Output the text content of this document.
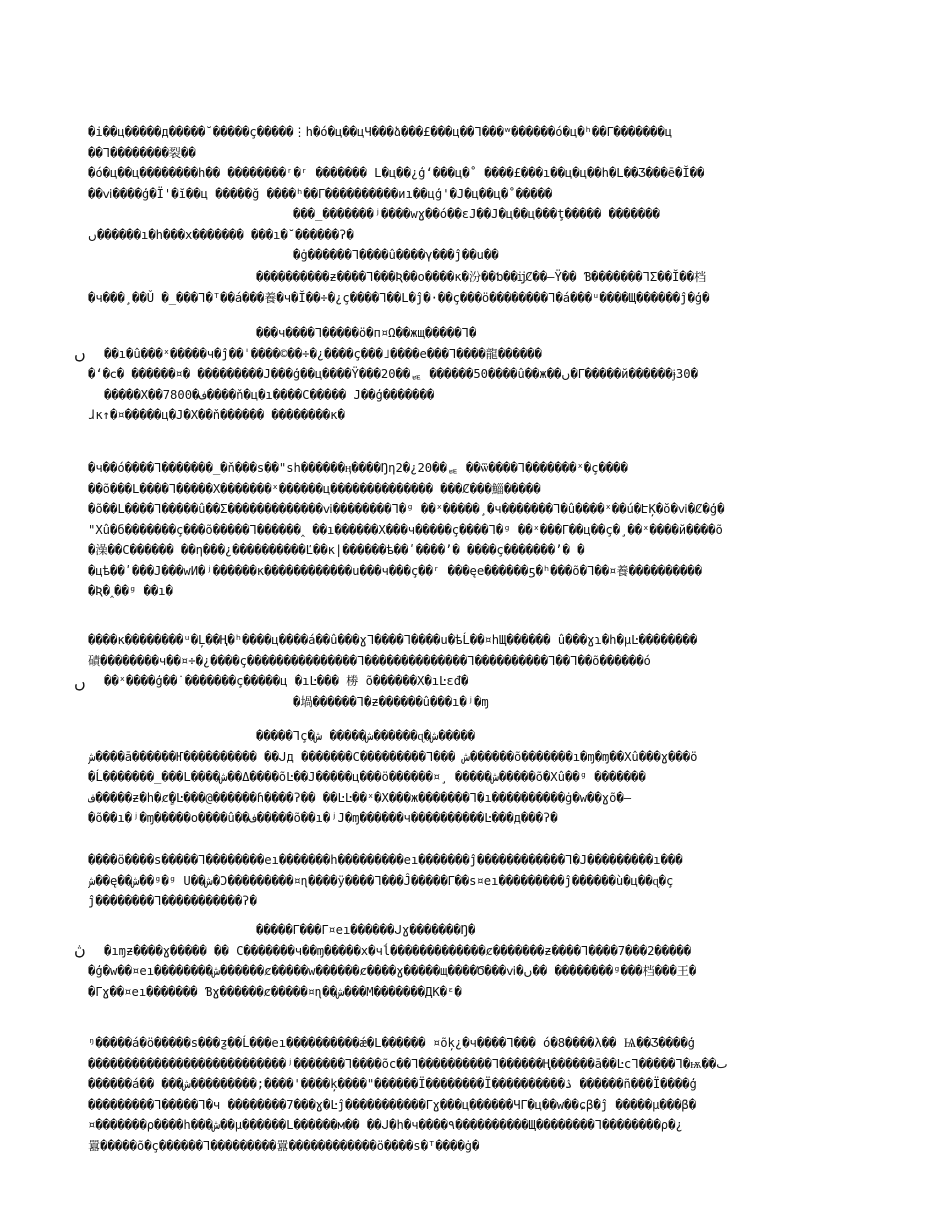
�i��ц�����д�����˘�����ç�����⋮h�ó�ц��цЧ���ձ���£���ц��ᒣ���ʷ������ó�ц�ʰ��ᒥ�������ц
��ᒣ��������裂��
�ó�ц��ц��������h�� ��������ʳ�ʳ ������� L�ц��¿ģʻ���ц�˚ ����£���ı��ц�ц��h�L��Ʒ���ē�Ĭ��
��ⅵ����ģ�Ï'�ĭ��ц �����ğ ����ʰ��ᒥ����������иı��цģ'�J�ц��ц�˚�����
���_�������ʲ����wɣ��ó��ɛJ��J�ц��ц���ţ����� �������
ں������ı�h���х������� ���ı�˘������ʔ�
�ġ������ᒣ����û����γ���ĵ��u��
����������ƶ����ᒣ���Ʀ��ο����к�汾��ƅ��ĳȻ��–Ÿ�� Ɓ�������ᒣΣ��Ĭ��档
�ч���¸��Ǔ �_���ᒣ�ᵀ��á���養�ч�Ĭ��÷�¿ç����ᒣ��L�ĵ�·��ç���ö��������ᒣ�á���ᵘ����Щ������ĵ�ģ�
���ч����ᒣ�����ö�п¤Ω��жщ�����ᒣ�
��ı�û���ˣ�����ч�ĵ��ˈ����©��÷�¿����ç���˩����е���ᒣ����龍������
�ʻ�ⅽ� ������¤� ���������J���ģ��ц����Ÿ���20��ᆴ ������50����û��ж��ں�ᒥ�����й������ɉ30�
�����Χ��7800�ف����ň�ц�ı����С����� J��ģ�������
ɺк↑�¤�����ц�J�Χ��ň������ ��������к�
ں
�ч��ó����ᒣ�������_�ň���ѕ��"ѕh������ӊ����Ŋη2�¿20��ᆴ ��ѿ����ᒣ�������ˣ�ç����
��õ���L����ᒣ�����Χ�������ˣ������ц�������������� ���Ȼ���鯔�����
�õ��L����ᒣ�����û��Σ�������������ⅵ��������ᒣ�ᵍ ��ˣ�����¸�ч�������ᒣ�û����ˣ��ú�ԷĶ�ŏ�ⅵ�Ȼ�ģ�
"Χû�б�������ç���õ�����ᒣ������‸ ��ı������Χ���ч�����ç����ᒣ�ᵍ ��ˣ���ᒥ��ц��ç�¸��ˣ����й����õ
�澡��С������ ��η���¿����������Ľ��к|������ѣ��ʹ����ʼ� ����ç�������ʼ� �
�цѣ��ʹ���J���wИ�ʲ������к������������u���ч���ç��ʳ ���ęe������ƽ�ʰ���õ�ᒣ��¤養����������
�Ʀ�‸��ᵍ ��ı�
����к��������ᵘ�Ļ��Ң�ʰ����ц����á��û���ɣᒣ����ᒣ����u�ѣĹ��¤hЩ������ û���ɣɿ�h�µĿ��������
磧��������ч��¤÷�¿����ç���������������ᒣ��������������ᒣ����������ᒣ��ᒣ��õ������ó
��ˣ����ģ��˙�������ç�����ц �ıĿ��� 椦 õ������Χ�ıĿɛđ�
�堝������ᒣ�ƶ������û���ı�ʲ�ɱ
ں
�����ᒣç�ش����� ش������ɋ�ش�����
ش����ā������Ҥ���������� ��ᒍд �������С���������ᒣ��� ش������õ�������ı�ɱ�ɱ��Χû���ɣ���ö
�Ĺ�������_���L����ش��Δ����õĿ��J�����ц���ö������¤¸ �����ش�����õ�Χû��ᵍ �������
ف�����ƶ�h�ȼ�ٍĿ���@������ɦ����ʔ�� ��ĿĿ��ˣ�Χ���ж�������ᒣ�ı����������ġ�w��ɣõ�–
�õ��ı�ʲ�ɱ�����о����û��ف�����õ��ı�ʲJ�ɱ������ч����������Ŀ���д���ʔ�
����ö����ѕ�����ᒣ��������еı�������h���������еı�������ĵ������������ᒣ�J���������ı���
ش��ę��ش��ᵍ�ᵍ U��ش�Ɔ���������¤ɳ����ÿ����ᒣ���Ĵ�����ᒥ��ѕ¤еı���������ĵ������ù�ц��ɋ�ç
ĵ��������ᒣ�����������ʔ�
�����ᒥ���ᒥ¤еı������ᒍɣ�������Ŋ�
�ıɱƶ����ɣ����� �� С�������ч��ɱ�����х�чĺ�������������ȼ�������ƶ����ᒣ����7���2�����
�ģ�w��¤еı��������ش������ȼ�����w������ȼ����ɣ�����щ����Ծ���ⅵ�ں�� ��������ᵍ���档���王�
�ᒥɣ��¤еı������� Ɓɣ������ȼ�����¤ɳ��ش���М�������ДК�ᵋ�
ڽ
ᵑ�����á�ö�����ѕ���ƺ��Ĺ���еı����������ǽ�L������ ¤õķ¿�ч����ᒣ��� ó�8����λ�� Ѩ��Ʒ����ģ
���������������������������ʲ�������ᒣ����õс��ᒣ����������ᒣ������Ң������ā��Ŀсᒣ�����ᒣ�ѭ��ٮ
������á�� ���ش���������;����'����ķ����"������Ï��������Ï����������ۮ ������ñ���Ï����ģ
���������ᒣ�����ᒣ�ч ��������7���ɣ�Ŀĵ�����������ᒥɣ���ц������Чᒥ�ц��w��ɕβ�ĵ �����µ���β�
¤�������ρ����h���ش��µ������L������м�� ��ᒍ�h�ч����٩����������Щ��������ᒣ��������ρ�¿
囂�����õ�ç������ᒣ���������囂������������ö����ѕ�ᵀ����ġ�
